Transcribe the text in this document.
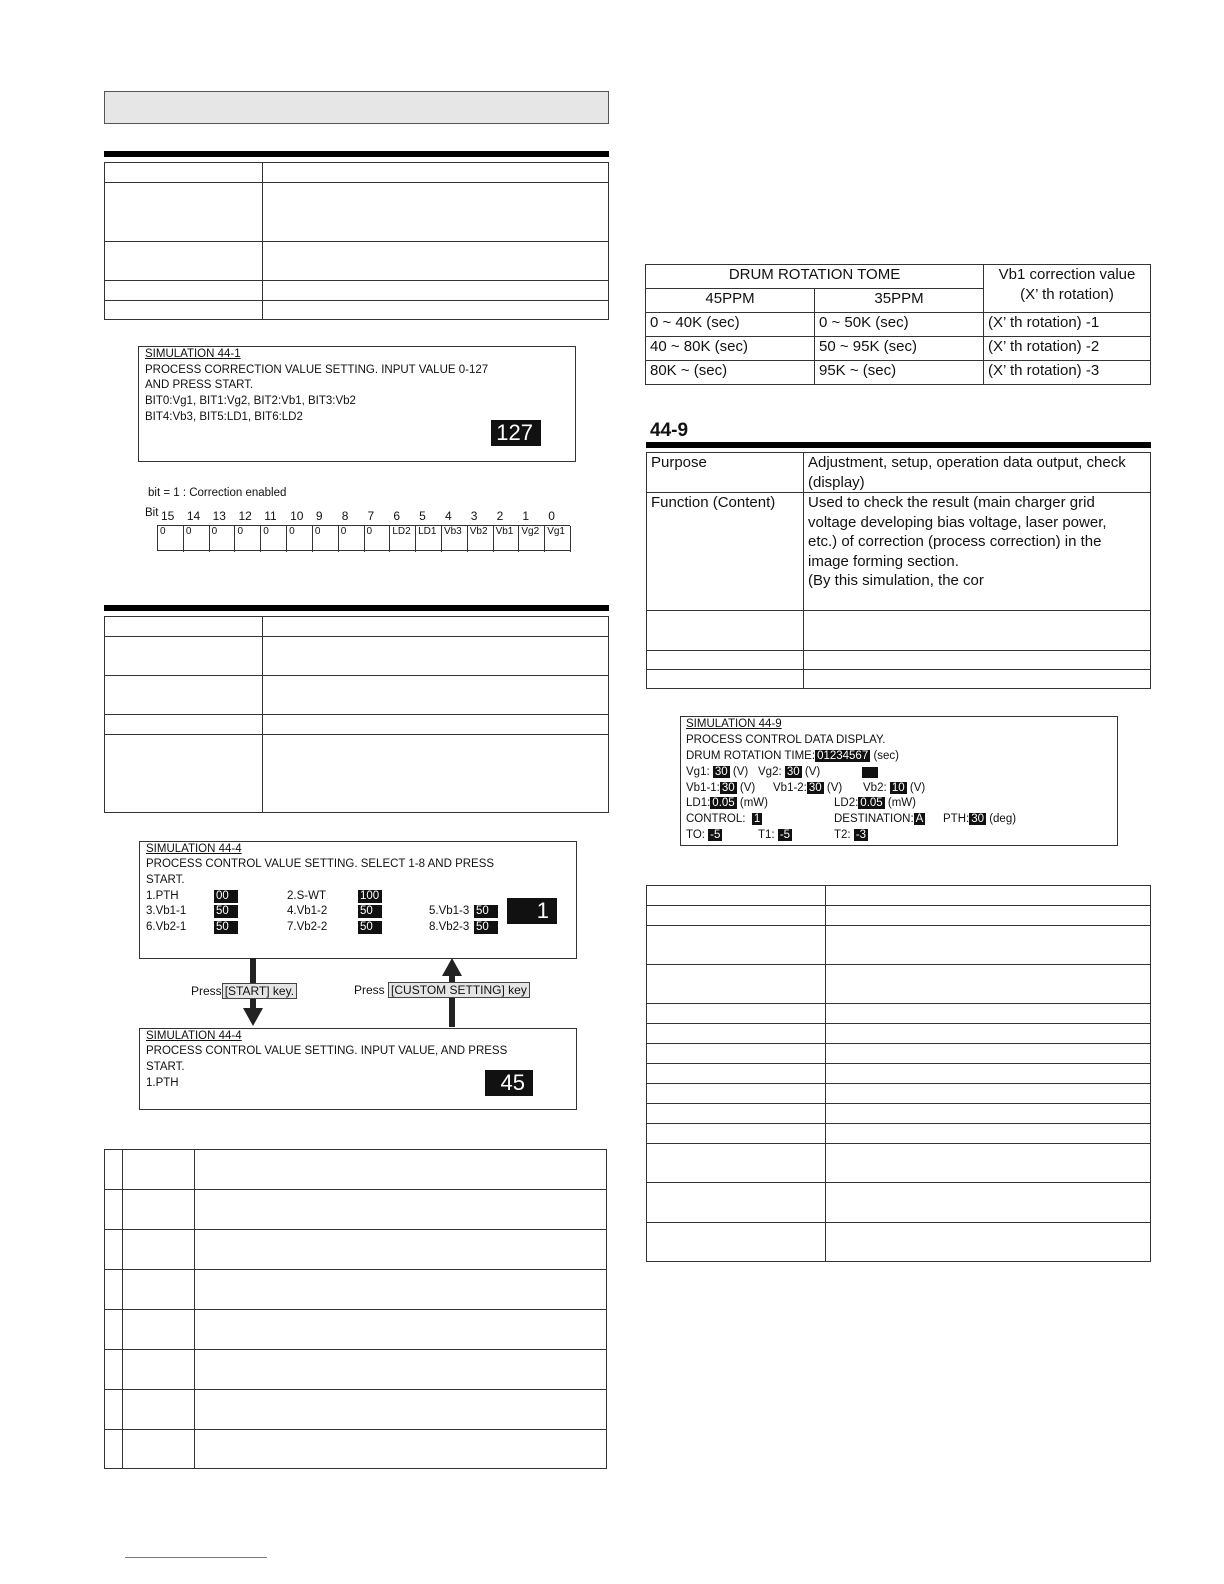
SIMULATION 44-1
PROCESS CORRECTION VALUE SETTING. INPUT VALUE 0-127
AND PRESS START.
BIT0:Vg1, BIT1:Vg2, BIT2:Vb1, BIT3:Vb2
BIT4:Vb3, BIT5:LD1, BIT6:LD2
127
bit = 1 : Correction enabled
Bit 15 14 13 12 11 10 9 8 7 6 5 4 3 2 1 0
0	0	0	0	0	0	0	0	0	LD2 LD1 Vb3 Vb2 Vb1 Vg2 Vg1

SIMULATION 44-4
PROCESS CONTROL VALUE SETTING. SELECT 1-8 AND PRESS
START.
1.PTH	00	2.S-WT	100
3.Vb1-1	50	4.Vb1-2	50	5.Vb1-3 50
6.Vb2-1	50	7.Vb2-2	50	8.Vb2-3 50
1
Press [START] key.	Press [CUSTOM SETTING] key
SIMULATION 44-4
PROCESS CONTROL VALUE SETTING. INPUT VALUE, AND PRESS
START.
1.PTH	45

DRUM ROTATION TOME		Vb1 correction value
(X’ th rotation)

45PPM	35PPM	
0 ~ 40K (sec)	0 ~ 50K (sec)	(X’ th rotation) -1
40 ~ 80K (sec)	50 ~ 95K (sec)	(X’ th rotation) -2
80K ~ (sec)	95K ~ (sec)	(X’ th rotation) -3
44-9
Purpose	Adjustment, setup, operation data output, check
(display)

Function (Content)	Used to check the result (main charger grid
voltage developing bias voltage, laser power,
etc.) of correction (process correction) in the
image forming section.
(By this simulation, the cor

SIMULATION 44-9
PROCESS CONTROL DATA DISPLAY.
DRUM ROTATION TIME: 01234567 (sec)
Vg1: 30 (V) Vg2: 30 (V)
Vb1-1: 30 (V) Vb1-2: 30 (V) Vb2: 10 (V)
LD1: 0.05 (mW)	LD2: 0.05 (mW)
CONTROL: 1	DESTINATION: A PTH: 30 (deg)
TO: -5	T1: -5	T2: -3
